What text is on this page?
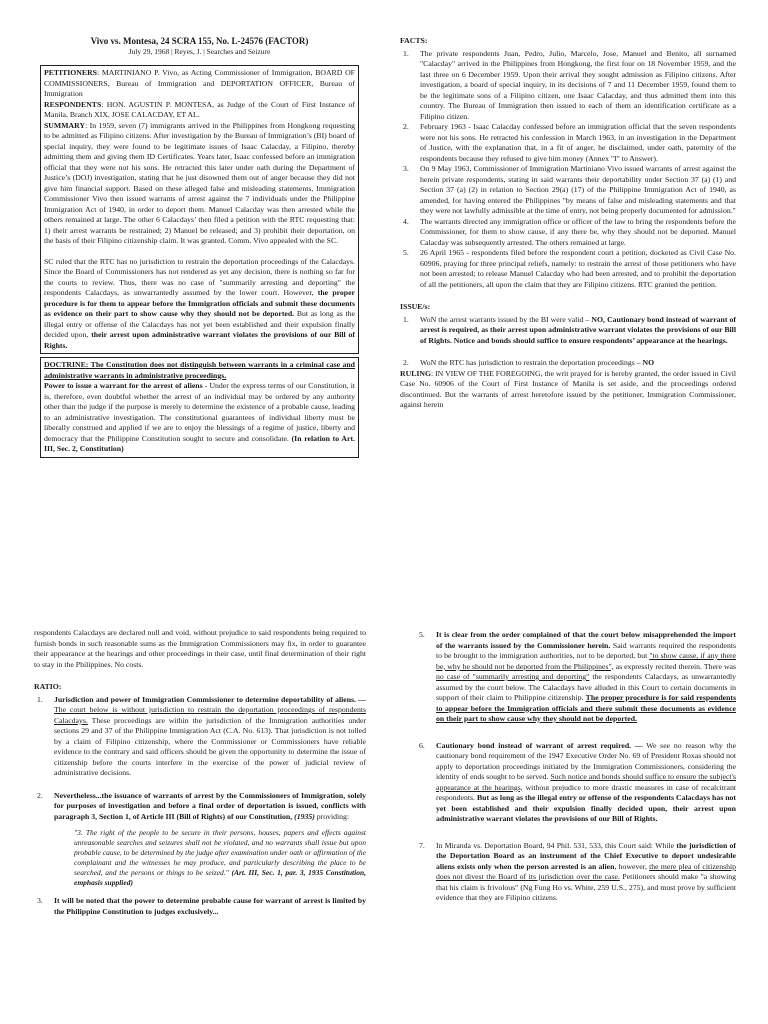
Vivo vs. Montesa, 24 SCRA 155, No. L-24576 (FACTOR)
July 29, 1968 | Reyes, J. | Searches and Seizure

PETITIONERS: MARTINIANO P. Vivo, as Acting Commissioner of Immigration, BOARD OF COMMISSIONERS, Bureau of Immigration and DEPORTATION OFFICER, Bureau of Immigration
RESPONDENTS: HON. AGUSTIN P. MONTESA, as Judge of the Court of First Instance of Manila, Branch XIX, JOSE CALACDAY, ET AL.
SUMMARY: In 1959, seven (7) immigrants arrived in the Philippines from Hongkong requesting to be admitted as Filipino citizens. After investigation by the Bureau of Immigration’s (BI) board of special inquiry, they were found to be legitimate issues of Isaac Calacday, a Filipino, thereby admitting them and giving them ID Certificates. Years later, Isaac confessed before an immigration official that they were not his sons. He retracted this later under oath during the Department of Justice’s (DOJ) investigation, stating that he just disowned them out of anger because they did not give him financial support. Based on these alleged false and misleading statements, Immigration Commissioner Vivo then issued warrants of arrest against the 7 individuals under the Philippine Immigration Act of 1940, in order to deport them. Manuel Calacday was then arrested while the others remained at large. The other 6 Calacdays’ then filed a petition with the RTC requesting that: 1) their arrest warrants be restrained; 2) Manuel be released; and 3) prohibit their deportation, on the basis of their Filipino citizenship claim. It was granted. Comm. Vivo appealed with the SC.

SC ruled that the RTC has no jurisdiction to restrain the deportation proceedings of the Calacdays. Since the Board of Commissioners has not rendered as yet any decision, there is nothing so far for the courts to review. Thus, there was no case of "summarily arresting and deporting" the respondents Calacdays, as unwarrantedly assumed by the lower court. However, the proper procedure is for them to appear before the Immigration officials and submit these documents as evidence on their part to show cause why they should not be deported. But as long as the illegal entry or offense of the Calacdays has not yet been established and their expulsion finally decided upon, their arrest upon administrative warrant violates the provisions of our Bill of Rights.

DOCTRINE: The Constitution does not distinguish between warrants in a criminal case and administrative warrants in administrative proceedings.
Power to issue a warrant for the arrest of aliens - Under the express terms of our Constitution, it is, therefore, even doubtful whether the arrest of an individual may be ordered by any authority other than the judge if the purpose is merely to determine the existence of a probable cause, leading to an administrative investigation. The constitutional guarantees of individual liberty must be liberally construed and applied if we are to enjoy the blessings of a regime of justice, liberty and democracy that the Philippine Constitution sought to secure and consolidate. (In relation to Art. III, Sec. 2, Constitution)

FACTS:
1. The private respondents Juan, Pedro, Julio, Marcelo, Jose, Manuel and Benito, all surnamed "Calacday" arrived in the Philippines from Hongkong, the first four on 18 November 1959, and the last three on 6 December 1959. Upon their arrival they sought admission as Filipino citizens. After investigation, a board of special inquiry, in its decisions of 7 and 11 December 1959, found them to be the legitimate sons of a Filipino citizen, one Isaac Calacday, and thus admitted them into this country. The Bureau of Immigration then issued to each of them an identification certificate as a Filipino citizen.
2. February 1963 - Isaac Calacday confessed before an immigration official that the seven respondents were not his sons. He retracted his confession in March 1963, in an investigation in the Department of Justice, with the explanation that, in a fit of anger, he disclaimed, under oath, paternity of the respondents because they refused to give him money (Annex "I" to Answer).
3. On 9 May 1963, Commissioner of Immigration Martiniano Vivo issued warrants of arrest against the herein private respondents, stating in said warrants their deportability under Section 37 (a) (1) and Section 37 (a) (2) in relation to Section 29(a) (17) of the Philippine Immigration Act of 1940, as amended, for having entered the Philippines "by means of false and misleading statements and that they were not lawfully admissible at the time of entry, not being properly documented for admission."
4. The warrants directed any immigration office or officer of the law to bring the respondents before the Commissioner, for them to show cause, if any there be, why they should not be deported. Manuel Calacday was subsequently arrested. The others remained at large.
5. 26 April 1965 - respondents filed before the respondent court a petition, docketed as Civil Case No. 60906, praying for three principal reliefs, namely: to restrain the arrest of those petitioners who have not been arrested; to release Manuel Calacday who had been arrested, and to prohibit the deportation of all the petitioners, all upon the claim that they are Filipino citizens. RTC granted the petition.
ISSUE/s:
1. WoN the arrest warrants issued by the BI were valid – NO, Cautionary bond instead of warrant of arrest is required, as their arrest upon administrative warrant violates the provisions of our Bill of Rights. Notice and bonds should suffice to ensure respondents’ appearance at the hearings.
2. WoN the RTC has jurisdiction to restrain the deportation proceedings – NO

RULING: IN VIEW OF THE FOREGOING, the writ prayed for is hereby granted, the order issued in Civil Case No. 60906 of the Court of First Instance of Manila is set aside, and the proceedings ordered discontinued. But the warrants of arrest heretofore issued by the petitioner, Immigration Commissioner, against herein

respondents Calacdays are declared null and void, without prejudice to said respondents being required to furnish bonds in such reasonable sums as the Immigration Commissioners may fix, in order to guarantee their appearance at the hearings and other proceedings in their case, until final determination of their right to stay in the Philippines. No costs.

RATIO:
1. Jurisdiction and power of Immigration Commissioner to determine deportability of aliens. — The court below is without jurisdiction to restrain the deportation proceedings of respondents Calacdays. These proceedings are within the jurisdiction of the Immigration authorities under sections 29 and 37 of the Philippine Immigration Act (C.A. No. 613). That jurisdiction is not tolled by a claim of Filipino citizenship, where the Commissioner or Commissioners have reliable evidence to the contrary and said officers should be given the opportunity to determine the issue of citizenship before the courts interfere in the exercise of the power of judicial review of administrative decisions.
2. Nevertheless...the issuance of warrants of arrest by the Commissioners of Immigration, solely for purposes of investigation and before a final order of deportation is issued, conflicts with paragraph 3, Section 1, of Article III (Bill of Rights) of our Constitution, (1935) providing:
"3. The right of the people to be secure in their persons, houses, papers and effects against unreasonable searches and seizures shall not be violated, and no warrants shall issue but upon probable cause, to be determined by the judge after examination under oath or affirmation of the complainant and the witnesses he may produce, and particularly describing the place to be searched, and the persons or things to be seized." (Art. III, Sec. 1, par. 3, 1935 Constitution, emphasis supplied)
3. It will be noted that the power to determine probable cause for warrant of arrest is limited by the Philippine Constitution to judges exclusively...
5. It is clear from the order complained of that the court below misapprehended the import of the warrants issued by the Commissioner herein. Said warrants required the respondents to be brought to the immigration authorities, not to be deported, but "to show cause, if any there be, why he should not be deported from the Philippines", as expressly recited therein. There was no case of "summarily arresting and deporting" the respondents Calacdays, as unwarrantedly assumed by the court below. The Calacdays have alluded in this Court to certain documents in support of their claim to Philippine citizenship. The proper procedure is for said respondents to appear before the Immigration officials and there submit these documents as evidence on their part to show cause why they should not be deported.
6. Cautionary bond instead of warrant of arrest required. — We see no reason why the cautionary bond requirement of the 1947 Executive Order No. 69 of President Roxas should not apply to deportation proceedings initiated by the Immigration Commissioners, considering the identity of ends sought to be served. Such notice and bonds should suffice to ensure the subject's appearance at the hearings, without prejudice to more drastic measures in case of recalcitrant respondents. But as long as the illegal entry or offense of the respondents Calacdays has not yet been established and their expulsion finally decided upon, their arrest upon administrative warrant violates the provisions of our Bill of Rights.
7. In Miranda vs. Deportation Board, 94 Phil. 531, 533, this Court said: While the jurisdiction of the Deportation Board as an instrument of the Chief Executive to deport undesirable aliens exists only when the person arrested is an alien, however, the mere plea of citizenship does not divest the Board of its jurisdiction over the case. Petitioners should make "a showing that his claim is frivolous" (Ng Fung Ho vs. White, 259 U.S., 275), and must prove by sufficient evidence that they are Filipino citizens.
